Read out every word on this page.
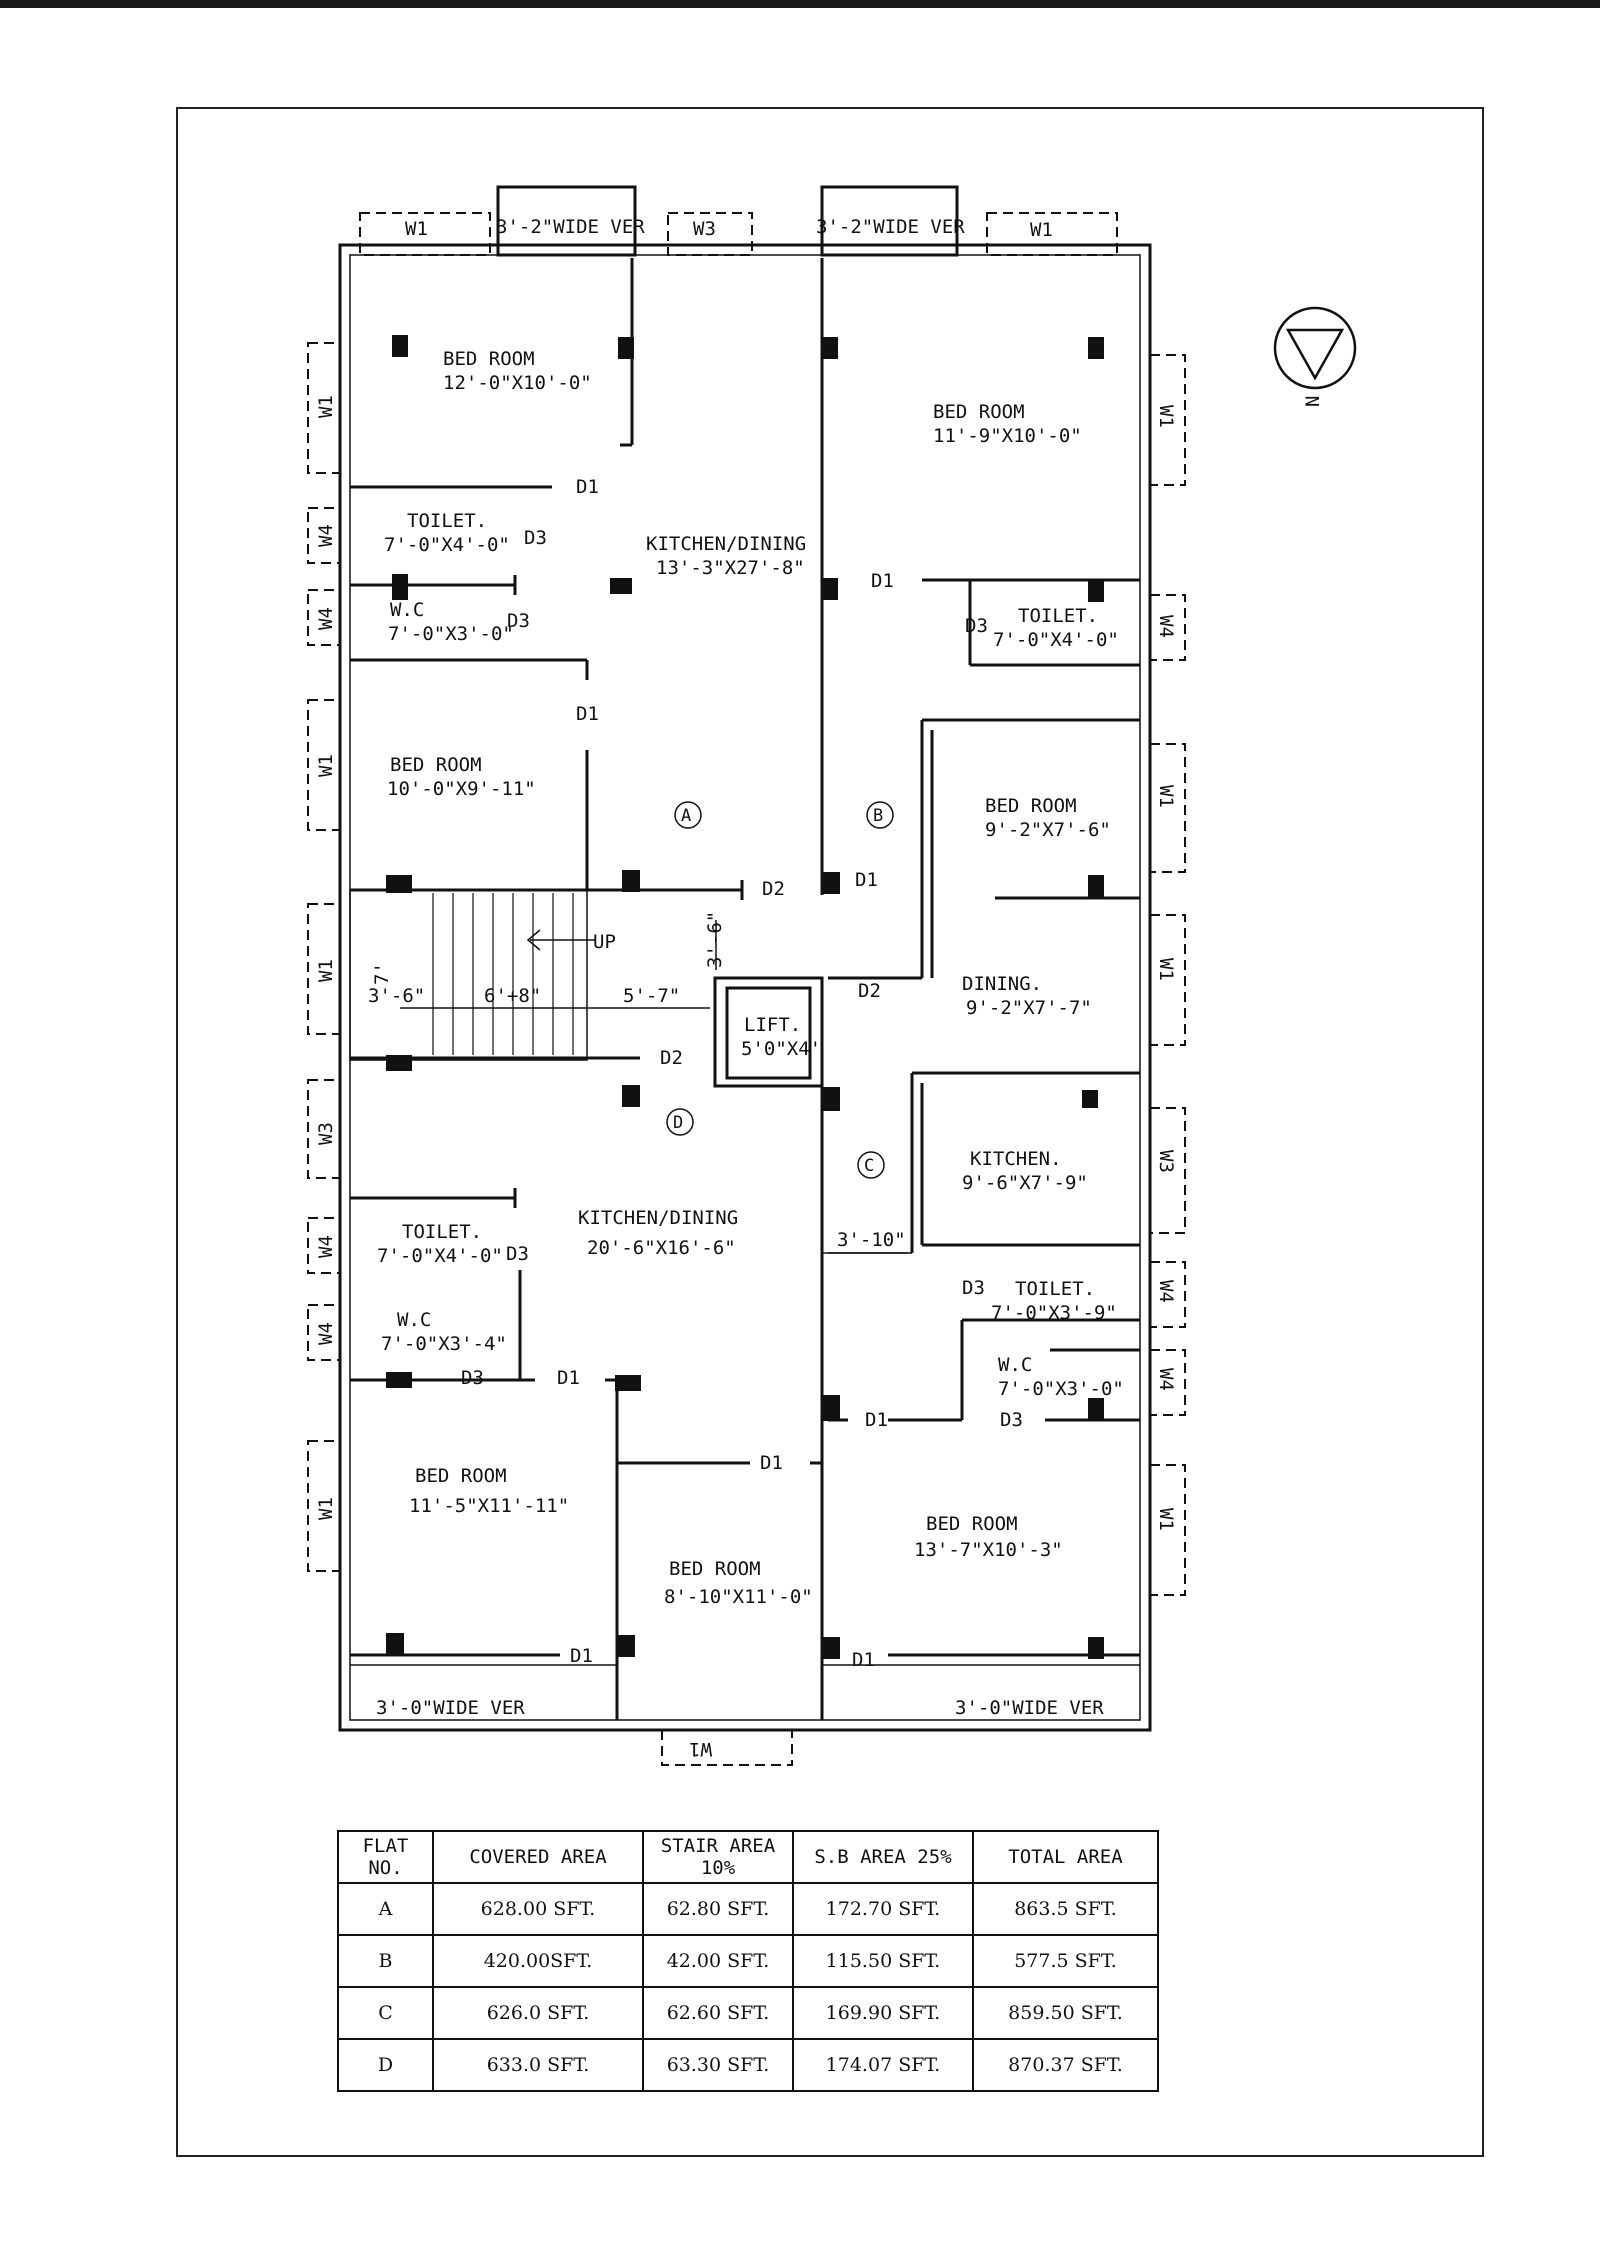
N
A	B
C
D
3'-2"WIDE VER	3'-2"WIDE VER
3'-0"WIDE VER	3'-0"WIDE VER
W1	W3	W1
W1
W1
W4
W4
W1
W1
W3
W4
W4
W1
W1
W4
W1
W1
W3
W4
W4
W1
BED ROOM
12'-0"X10'-0"
TOILET.
7'-0"X4'-0"
W.C
7'-0"X3'-0"
BED ROOM
10'-0"X9'-11"
KITCHEN/DINING
13'-3"X27'-8"
BED ROOM
11'-9"X10'-0"
TOILET.
7'-0"X4'-0"
BED ROOM
9'-2"X7'-6"
DINING.
9'-2"X7'-7"
LIFT.
5'0"X4'
KITCHEN.
9'-6"X7'-9"
TOILET.
7'-0"X3'-9"
W.C
7'-0"X3'-0"
BED ROOM
13'-7"X10'-3"
KITCHEN/DINING
20'-6"X16'-6"
TOILET.
7'-0"X4'-0"
W.C
7'-0"X3'-4"
BED ROOM
11'-5"X11'-11"
BED ROOM
8'-10"X11'-0"
D1
D3
D3
D1
D2
D1
D3
D1
D2
D2
D3
D3	D1
D1
D3
D1	D3
D1	D1
UP
3'-6"	6'+8"	5'-7"
7'
3'-6"
3'-10"
FLAT NO.	COVERED AREA	STAIR AREA 10%	S.B AREA 25%	TOTAL AREA
A	628.00 SFT.	62.80 SFT.	172.70 SFT.	863.5 SFT.
B	420.00SFT.	42.00 SFT.	115.50 SFT.	577.5 SFT.
C	626.0 SFT.	62.60 SFT.	169.90 SFT.	859.50 SFT.
D	633.0 SFT.	63.30 SFT.	174.07 SFT.	870.37 SFT.
